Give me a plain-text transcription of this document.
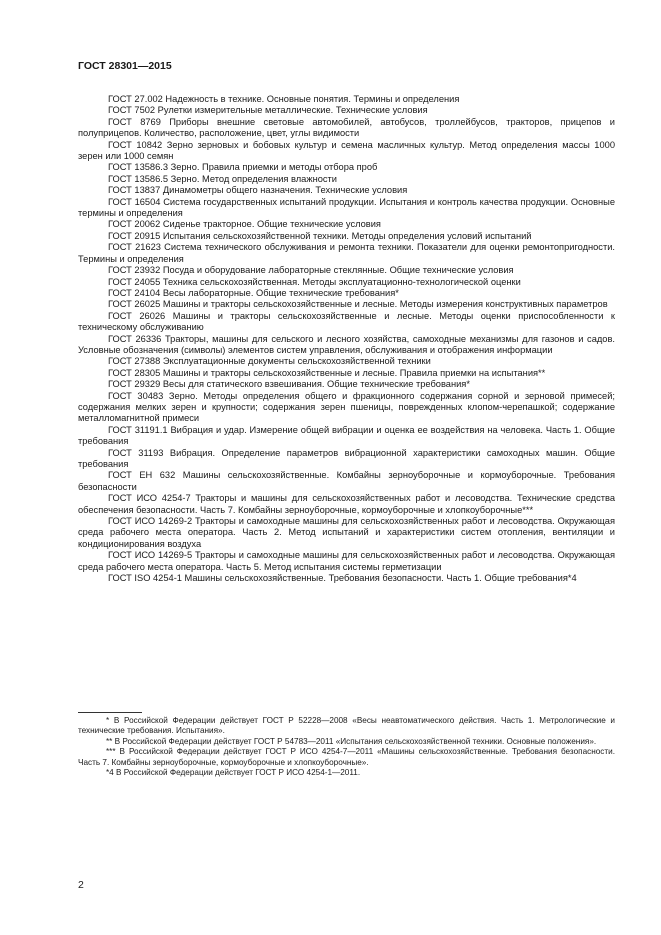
ГОСТ 28301—2015

ГОСТ 27.002 Надежность в технике. Основные понятия. Термины и определения

ГОСТ 7502 Рулетки измерительные металлические. Технические условия

ГОСТ 8769 Приборы внешние световые автомобилей, автобусов, троллейбусов, тракторов, прицепов и полуприцепов. Количество, расположение, цвет, углы видимости

ГОСТ 10842 Зерно зерновых и бобовых культур и семена масличных культур. Метод определения массы 1000 зерен или 1000 семян

ГОСТ 13586.3 Зерно. Правила приемки и методы отбора проб

ГОСТ 13586.5 Зерно. Метод определения влажности

ГОСТ 13837 Динамометры общего назначения. Технические условия

ГОСТ 16504 Система государственных испытаний продукции. Испытания и контроль качества продукции. Основные термины и определения

ГОСТ 20062 Сиденье тракторное. Общие технические условия

ГОСТ 20915 Испытания сельскохозяйственной техники. Методы определения условий испытаний

ГОСТ 21623 Система технического обслуживания и ремонта техники. Показатели для оценки ремонтопригодности. Термины и определения

ГОСТ 23932 Посуда и оборудование лабораторные стеклянные. Общие технические условия

ГОСТ 24055 Техника сельскохозяйственная. Методы эксплуатационно-технологической оценки

ГОСТ 24104 Весы лабораторные. Общие технические требования*

ГОСТ 26025 Машины и тракторы сельскохозяйственные и лесные. Методы измерения конструктивных параметров

ГОСТ 26026 Машины и тракторы сельскохозяйственные и лесные. Методы оценки приспособленности к техническому обслуживанию

ГОСТ 26336 Тракторы, машины для сельского и лесного хозяйства, самоходные механизмы для газонов и садов. Условные обозначения (символы) элементов систем управления, обслуживания и отображения информации

ГОСТ 27388 Эксплуатационные документы сельскохозяйственной техники

ГОСТ 28305 Машины и тракторы сельскохозяйственные и лесные. Правила приемки на испытания**

ГОСТ 29329 Весы для статического взвешивания. Общие технические требования*

ГОСТ 30483 Зерно. Методы определения общего и фракционного содержания сорной и зерновой примесей; содержания мелких зерен и крупности; содержания зерен пшеницы, поврежденных клопом-черепашкой; содержание металломагнитной примеси

ГОСТ 31191.1 Вибрация и удар. Измерение общей вибрации и оценка ее воздействия на человека. Часть 1. Общие требования

ГОСТ 31193 Вибрация. Определение параметров вибрационной характеристики самоходных машин. Общие требования

ГОСТ ЕН 632 Машины сельскохозяйственные. Комбайны зерноуборочные и кормоуборочные. Требования безопасности

ГОСТ ИСО 4254-7 Тракторы и машины для сельскохозяйственных работ и лесоводства. Технические средства обеспечения безопасности. Часть 7. Комбайны зерноуборочные, кормоуборочные и хлопкоуборочные***

ГОСТ ИСО 14269-2 Тракторы и самоходные машины для сельскохозяйственных работ и лесоводства. Окружающая среда рабочего места оператора. Часть 2. Метод испытаний и характеристики систем отопления, вентиляции и кондиционирования воздуха

ГОСТ ИСО 14269-5 Тракторы и самоходные машины для сельскохозяйственных работ и лесоводства. Окружающая среда рабочего места оператора. Часть 5. Метод испытания системы герметизации

ГОСТ ISO 4254-1 Машины сельскохозяйственные. Требования безопасности. Часть 1. Общие требования*4

* В Российской Федерации действует ГОСТ Р 52228—2008 «Весы неавтоматического действия. Часть 1. Метрологические и технические требования. Испытания».

** В Российской Федерации действует ГОСТ Р 54783—2011 «Испытания сельскохозяйственной техники. Основные положения».

*** В Российской Федерации действует ГОСТ Р ИСО 4254-7—2011 «Машины сельскохозяйственные. Требования безопасности. Часть 7. Комбайны зерноуборочные, кормоуборочные и хлопкоуборочные».

*4 В Российской Федерации действует ГОСТ Р ИСО 4254-1—2011.

2
